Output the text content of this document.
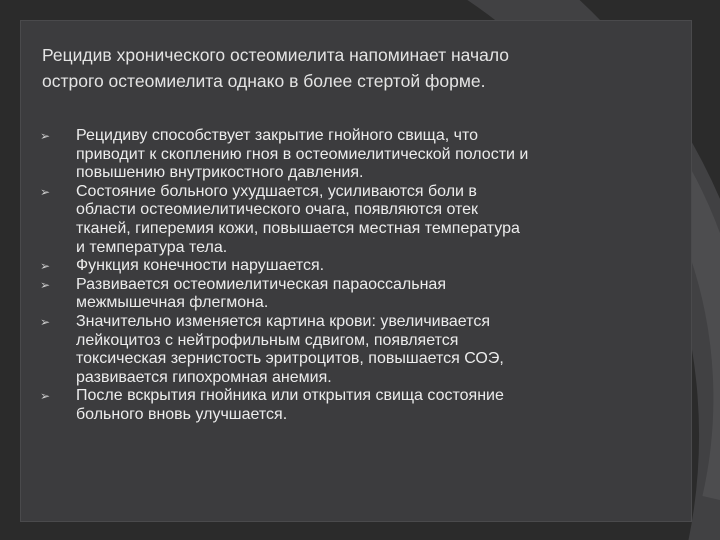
Рецидив хронического остеомиелита напоминает начало
острого остеомиелита однако в более стертой форме.
➢ Рецидиву способствует закрытие гнойного свища, что
приводит к скоплению гноя в остеомиелитической полости и
повышению внутрикостного давления.
➢ Состояние больного ухудшается, усиливаются боли в
области остеомиелитического очага, появляются отек
тканей, гиперемия кожи, повышается местная температура
и температура тела.
➢ Функция конечности нарушается.
➢ Развивается остеомиелитическая параоссальная
межмышечная флегмона.
➢ Значительно изменяется картина крови: увеличивается
лейкоцитоз с нейтрофильным сдвигом, появляется
токсическая зернистость эритроцитов, повышается СОЭ,
развивается гипохромная анемия.
➢ После вскрытия гнойника или открытия свища состояние
больного вновь улучшается.
